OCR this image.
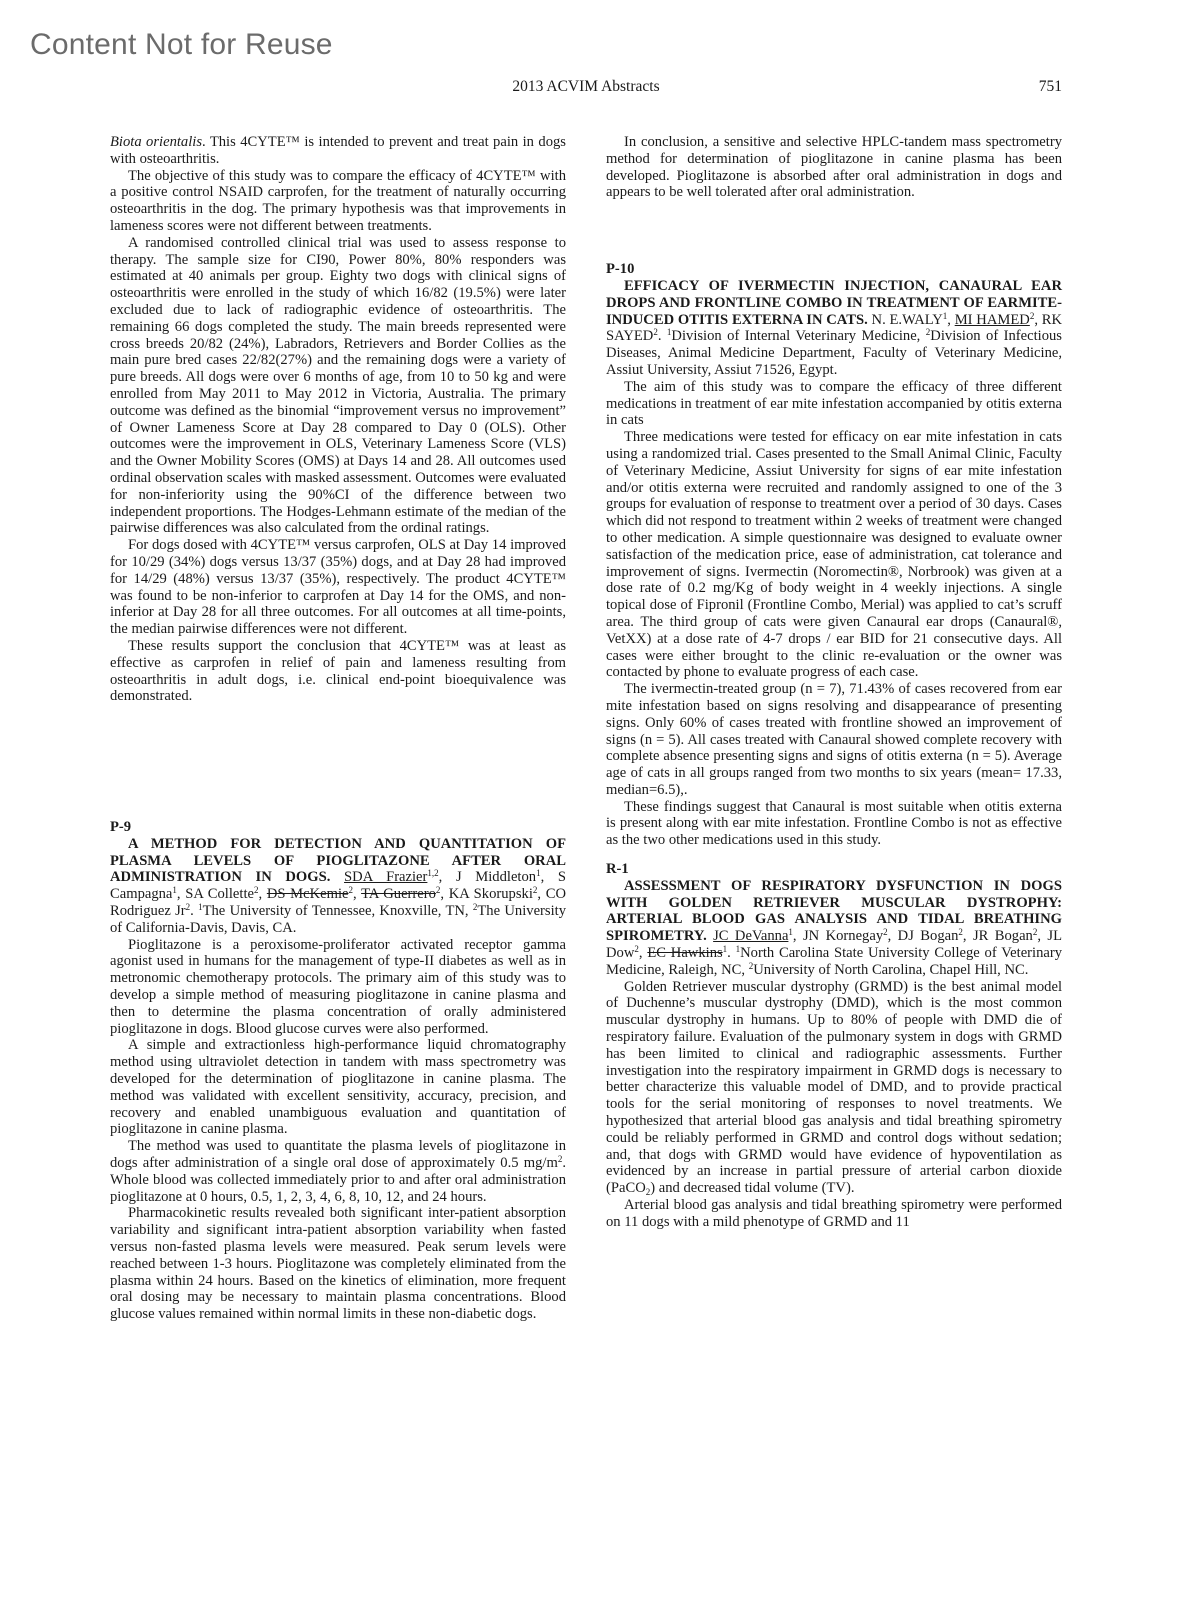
Content Not for Reuse
2013 ACVIM Abstracts	751

Biota orientalis. This 4CYTE™ is intended to prevent and treat pain in dogs with osteoarthritis.

The objective of this study was to compare the efficacy of 4CYTE™ with a positive control NSAID carprofen, for the treatment of naturally occurring osteoarthritis in the dog. The primary hypothesis was that improvements in lameness scores were not different between treatments.

A randomised controlled clinical trial was used to assess response to therapy. The sample size for CI90, Power 80%, 80% responders was estimated at 40 animals per group. Eighty two dogs with clinical signs of osteoarthritis were enrolled in the study of which 16/82 (19.5%) were later excluded due to lack of radiographic evidence of osteoarthritis. The remaining 66 dogs completed the study. The main breeds represented were cross breeds 20/82 (24%), Labradors, Retrievers and Border Collies as the main pure bred cases 22/82(27%) and the remaining dogs were a variety of pure breeds. All dogs were over 6 months of age, from 10 to 50 kg and were enrolled from May 2011 to May 2012 in Victoria, Australia. The primary outcome was defined as the binomial “improvement versus no improvement” of Owner Lameness Score at Day 28 compared to Day 0 (OLS). Other outcomes were the improvement in OLS, Veterinary Lameness Score (VLS) and the Owner Mobility Scores (OMS) at Days 14 and 28. All outcomes used ordinal observation scales with masked assessment. Outcomes were evaluated for non-inferiority using the 90%CI of the difference between two independent proportions. The Hodges-Lehmann estimate of the median of the pairwise differences was also calculated from the ordinal ratings.

For dogs dosed with 4CYTE™ versus carprofen, OLS at Day 14 improved for 10/29 (34%) dogs versus 13/37 (35%) dogs, and at Day 28 had improved for 14/29 (48%) versus 13/37 (35%), respectively. The product 4CYTE™ was found to be non-inferior to carprofen at Day 14 for the OMS, and non-inferior at Day 28 for all three outcomes. For all outcomes at all time-points, the median pairwise differences were not different.

These results support the conclusion that 4CYTE™ was at least as effective as carprofen in relief of pain and lameness resulting from osteoarthritis in adult dogs, i.e. clinical end-point bioequivalence was demonstrated.

P-9

A METHOD FOR DETECTION AND QUANTITATION OF PLASMA LEVELS OF PIOGLITAZONE AFTER ORAL ADMINISTRATION IN DOGS. SDA Frazier$^{1,2}$, J Middleton$^1$, S Campagna$^1$, SA Collette$^2$, DS McKemie$^2$, TA Guerrero$^2$, KA Skorupski$^2$, CO Rodriguez Jr$^2$. $^1$The University of Tennessee, Knoxville, TN, $^2$The University of California-Davis, Davis, CA.

Pioglitazone is a peroxisome-proliferator activated receptor gamma agonist used in humans for the management of type-II diabetes as well as in metronomic chemotherapy protocols. The primary aim of this study was to develop a simple method of measuring pioglitazone in canine plasma and then to determine the plasma concentration of orally administered pioglitazone in dogs. Blood glucose curves were also performed.

A simple and extractionless high-performance liquid chromatography method using ultraviolet detection in tandem with mass spectrometry was developed for the determination of pioglitazone in canine plasma. The method was validated with excellent sensitivity, accuracy, precision, and recovery and enabled unambiguous evaluation and quantitation of pioglitazone in canine plasma.

The method was used to quantitate the plasma levels of pioglitazone in dogs after administration of a single oral dose of approximately 0.5 $mg/m^2$. Whole blood was collected immediately prior to and after oral administration pioglitazone at 0 hours, 0.5, 1, 2, 3, 4, 6, 8, 10, 12, and 24 hours.

Pharmacokinetic results revealed both significant inter-patient absorption variability and significant intra-patient absorption variability when fasted versus non-fasted plasma levels were measured. Peak serum levels were reached between 1-3 hours. Pioglitazone was completely eliminated from the plasma within 24 hours. Based on the kinetics of elimination, more frequent oral dosing may be necessary to maintain plasma concentrations. Blood glucose values remained within normal limits in these non-diabetic dogs.

In conclusion, a sensitive and selective HPLC-tandem mass spectrometry method for determination of pioglitazone in canine plasma has been developed. Pioglitazone is absorbed after oral administration in dogs and appears to be well tolerated after oral administration.

P-10

EFFICACY OF IVERMECTIN INJECTION, CANAURAL EAR DROPS AND FRONTLINE COMBO IN TREATMENT OF EARMITE-INDUCED OTITIS EXTERNA IN CATS. N. E.WALY$^1$, MI HAMED$^2$, RK SAYED$^2$. $^1$Division of Internal Veterinary Medicine, $^2$Division of Infectious Diseases, Animal Medicine Department, Faculty of Veterinary Medicine, Assiut University, Assiut 71526, Egypt.

The aim of this study was to compare the efficacy of three different medications in treatment of ear mite infestation accompanied by otitis externa in cats

Three medications were tested for efficacy on ear mite infestation in cats using a randomized trial. Cases presented to the Small Animal Clinic, Faculty of Veterinary Medicine, Assiut University for signs of ear mite infestation and/or otitis externa were recruited and randomly assigned to one of the 3 groups for evaluation of response to treatment over a period of 30 days. Cases which did not respond to treatment within 2 weeks of treatment were changed to other medication. A simple questionnaire was designed to evaluate owner satisfaction of the medication price, ease of administration, cat tolerance and improvement of signs. Ivermectin (Noromectin®, Norbrook) was given at a dose rate of 0.2 mg/Kg of body weight in 4 weekly injections. A single topical dose of Fipronil (Frontline Combo, Merial) was applied to cat’s scruff area. The third group of cats were given Canaural ear drops (Canaural®, VetXX) at a dose rate of 4-7 drops / ear BID for 21 consecutive days. All cases were either brought to the clinic re-evaluation or the owner was contacted by phone to evaluate progress of each case.

The ivermectin-treated group (n = 7), 71.43% of cases recovered from ear mite infestation based on signs resolving and disappearance of presenting signs. Only 60% of cases treated with frontline showed an improvement of signs (n = 5). All cases treated with Canaural showed complete recovery with complete absence presenting signs and signs of otitis externa (n = 5). Average age of cats in all groups ranged from two months to six years (mean= 17.33, median=6.5),.

These findings suggest that Canaural is most suitable when otitis externa is present along with ear mite infestation. Frontline Combo is not as effective as the two other medications used in this study.

R-1

ASSESSMENT OF RESPIRATORY DYSFUNCTION IN DOGS WITH GOLDEN RETRIEVER MUSCULAR DYSTROPHY: ARTERIAL BLOOD GAS ANALYSIS AND TIDAL BREATHING SPIROMETRY. JC DeVanna$^1$, JN Kornegay$^2$, DJ Bogan$^2$, JR Bogan$^2$, JL Dow$^2$, EC Hawkins$^1$. $^1$North Carolina State University College of Veterinary Medicine, Raleigh, NC, $^2$University of North Carolina, Chapel Hill, NC.

Golden Retriever muscular dystrophy (GRMD) is the best animal model of Duchenne’s muscular dystrophy (DMD), which is the most common muscular dystrophy in humans. Up to 80% of people with DMD die of respiratory failure. Evaluation of the pulmonary system in dogs with GRMD has been limited to clinical and radiographic assessments. Further investigation into the respiratory impairment in GRMD dogs is necessary to better characterize this valuable model of DMD, and to provide practical tools for the serial monitoring of responses to novel treatments. We hypothesized that arterial blood gas analysis and tidal breathing spirometry could be reliably performed in GRMD and control dogs without sedation; and, that dogs with GRMD would have evidence of hypoventilation as evidenced by an increase in partial pressure of arterial carbon dioxide (PaCO$_2$) and decreased tidal volume (TV).

Arterial blood gas analysis and tidal breathing spirometry were performed on 11 dogs with a mild phenotype of GRMD and 11
